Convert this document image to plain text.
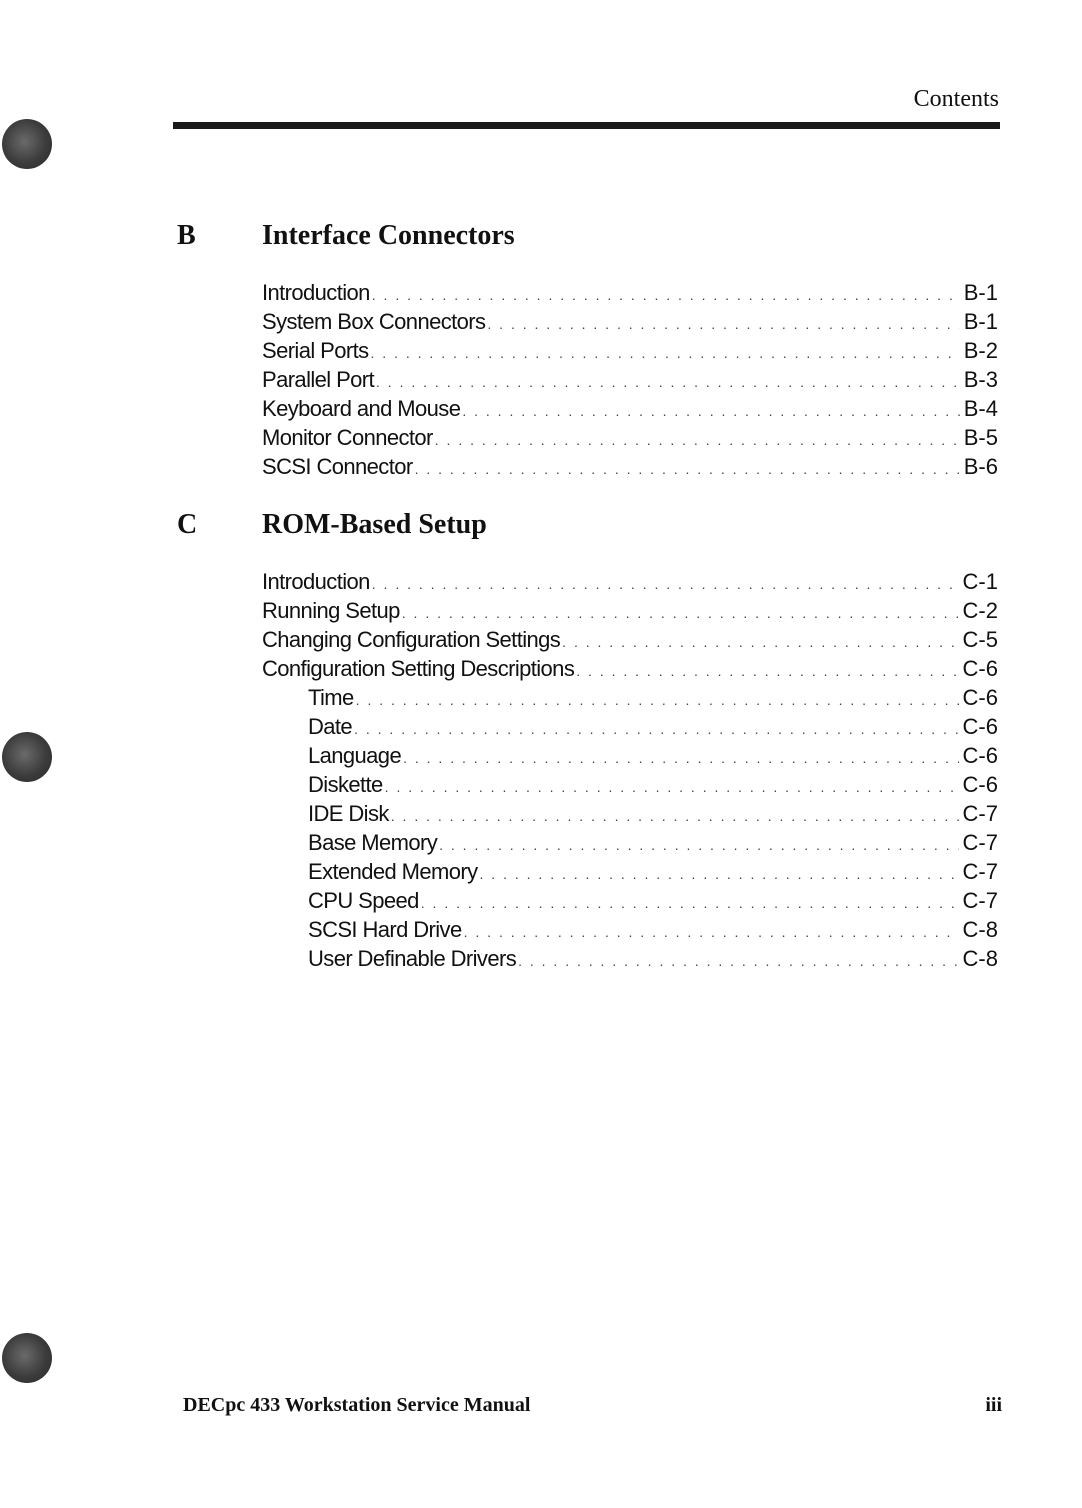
Contents
B Interface Connectors
Introduction . . .	B-1
System Box Connectors . . .	B-1
Serial Ports . . .	B-2
Parallel Port . . .	B-3
Keyboard and Mouse . . .	B-4
Monitor Connector . . .	B-5
SCSI Connector . . .	B-6
C ROM-Based Setup
Introduction . . .	C-1
Running Setup . . .	C-2
Changing Configuration Settings . . .	C-5
Configuration Setting Descriptions . . .	C-6
Time . . .	C-6
Date . . .	C-6
Language . . .	C-6
Diskette . . .	C-6
IDE Disk . . .	C-7
Base Memory . . .	C-7
Extended Memory . . .	C-7
CPU Speed . . .	C-7
SCSI Hard Drive . . .	C-8
User Definable Drivers . . .	C-8
DECpc 433 Workstation Service Manual	iii
